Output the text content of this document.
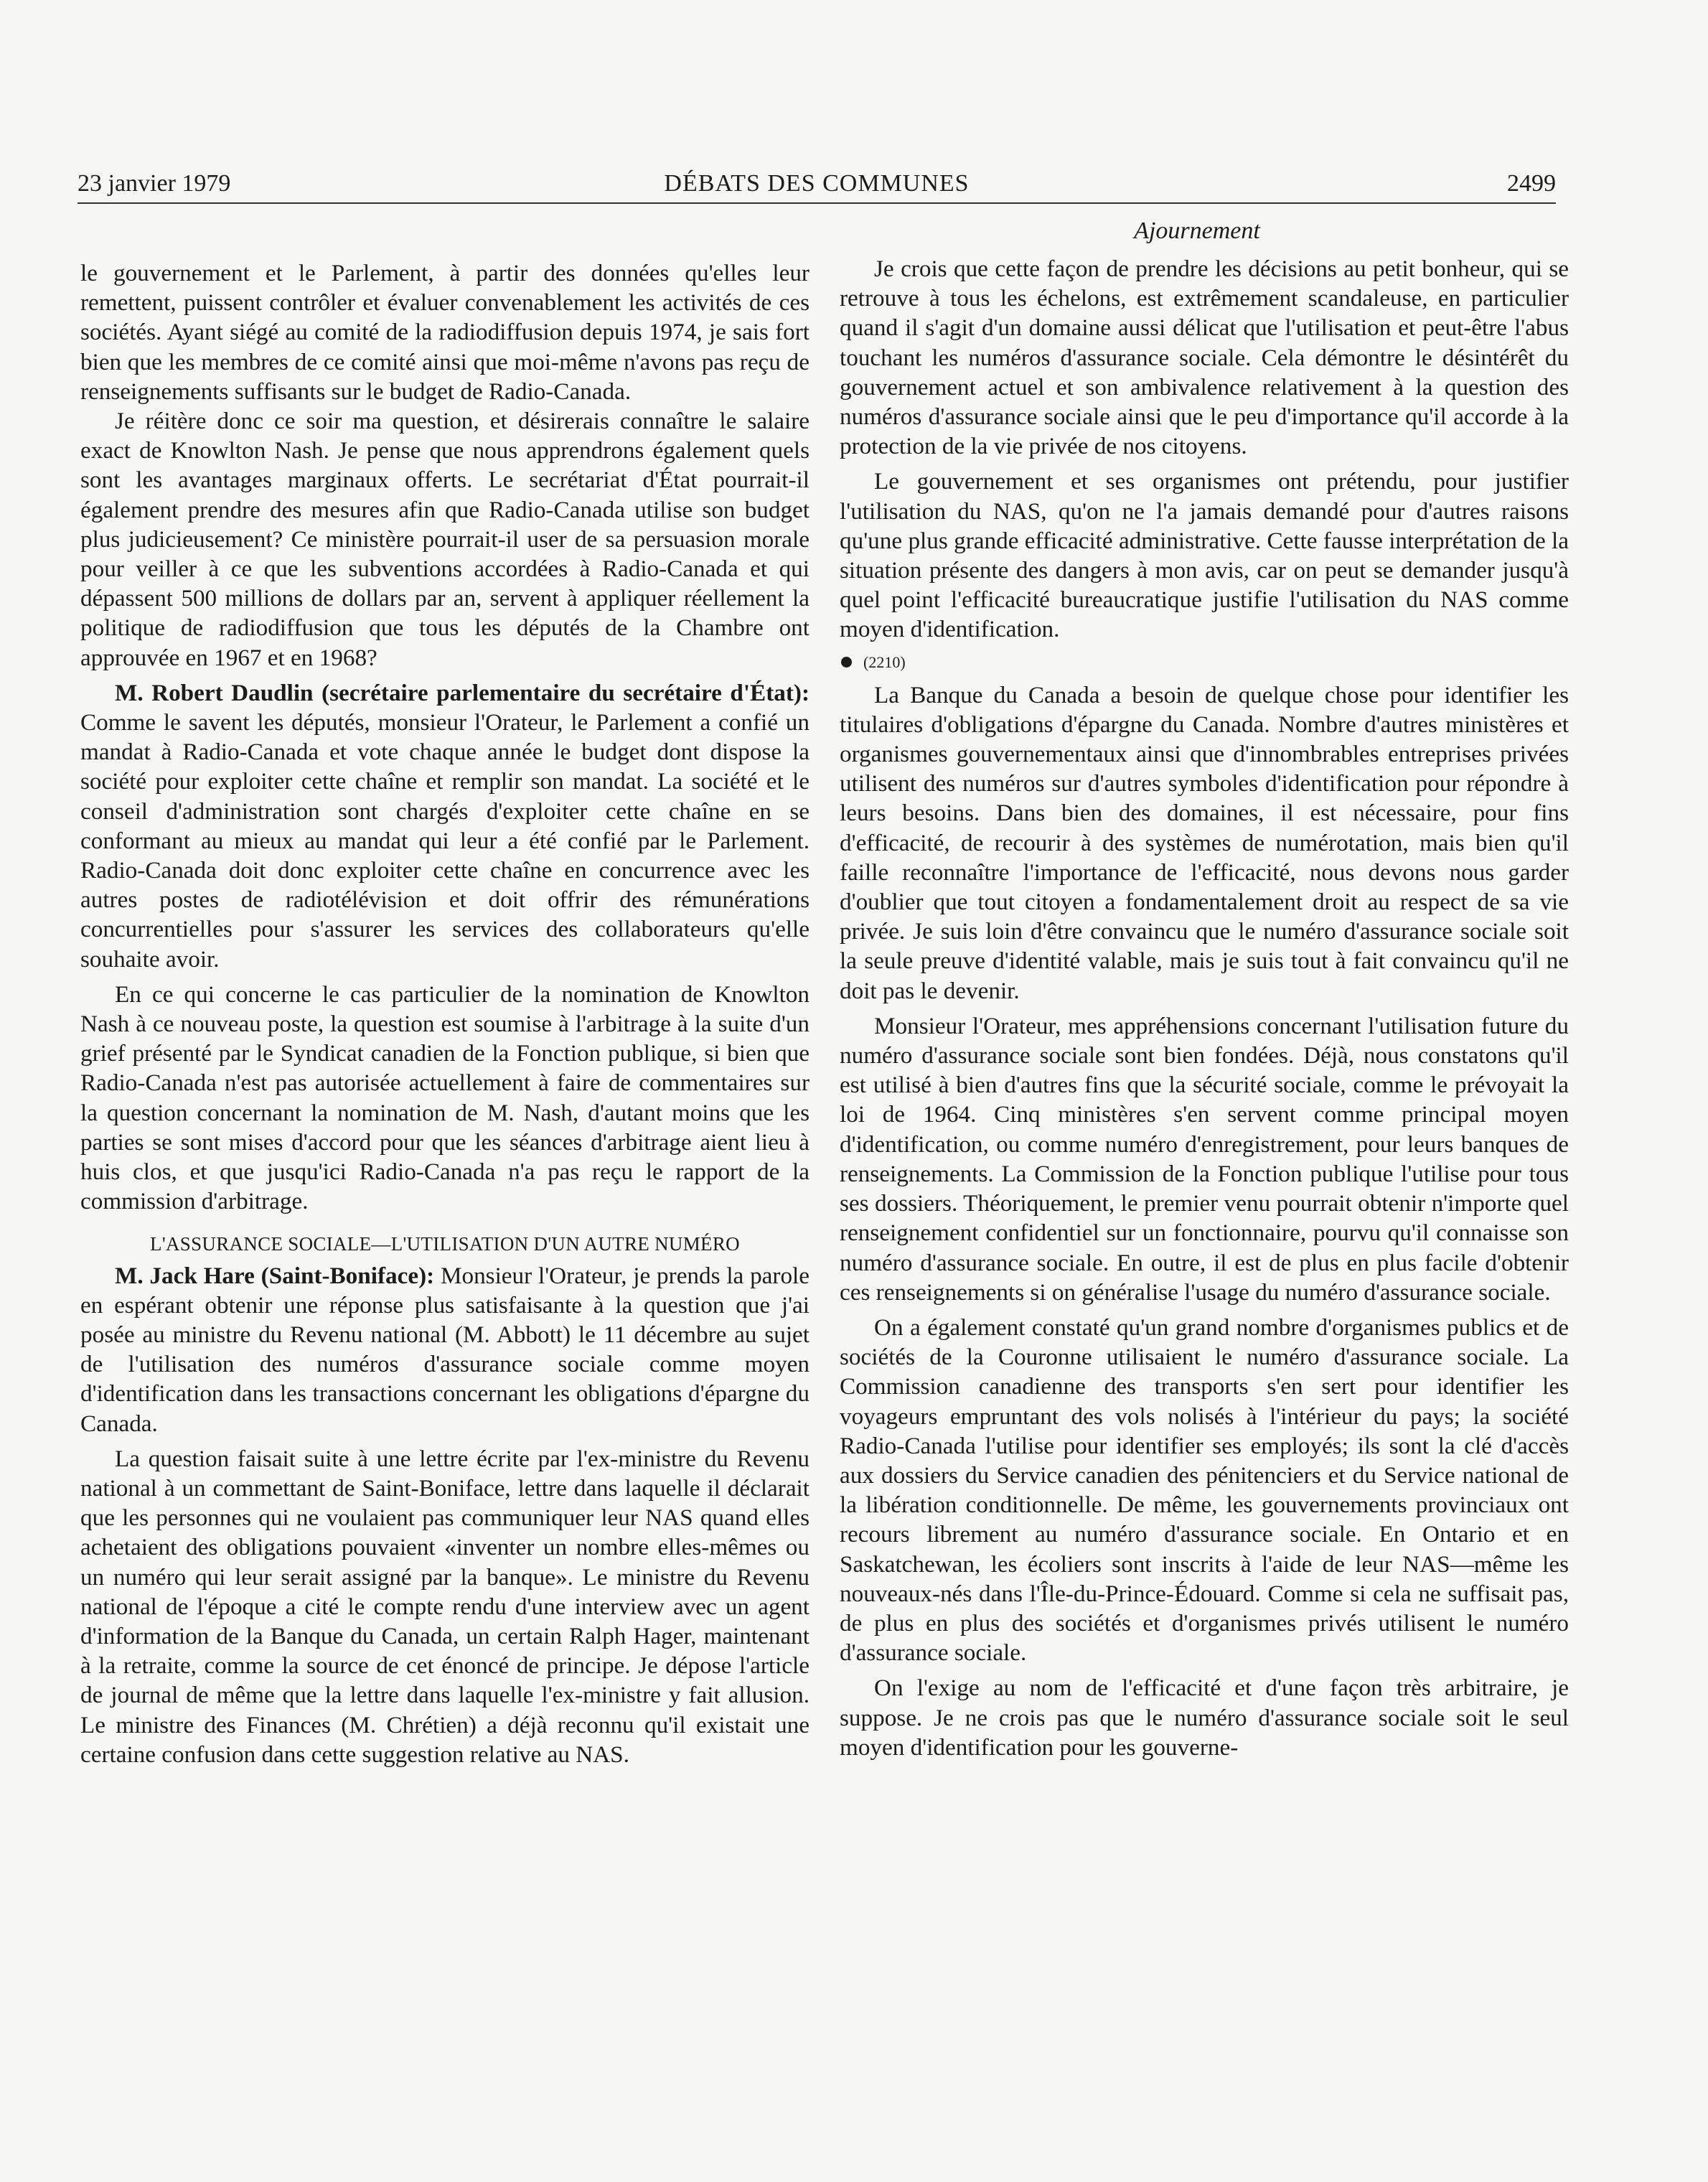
23 janvier 1979	DÉBATS DES COMMUNES	2499
Ajournement

le gouvernement et le Parlement, à partir des données qu'elles leur remettent, puissent contrôler et évaluer convenablement les activités de ces sociétés. Ayant siégé au comité de la radiodiffusion depuis 1974, je sais fort bien que les membres de ce comité ainsi que moi-même n'avons pas reçu de renseignements suffisants sur le budget de Radio-Canada.

Je réitère donc ce soir ma question, et désirerais connaître le salaire exact de Knowlton Nash. Je pense que nous apprendrons également quels sont les avantages marginaux offerts. Le secrétariat d'État pourrait-il également prendre des mesures afin que Radio-Canada utilise son budget plus judicieusement? Ce ministère pourrait-il user de sa persuasion morale pour veiller à ce que les subventions accordées à Radio-Canada et qui dépassent 500 millions de dollars par an, servent à appliquer réellement la politique de radiodiffusion que tous les députés de la Chambre ont approuvée en 1967 et en 1968?

M. Robert Daudlin (secrétaire parlementaire du secrétaire d'État): Comme le savent les députés, monsieur l'Orateur, le Parlement a confié un mandat à Radio-Canada et vote chaque année le budget dont dispose la société pour exploiter cette chaîne et remplir son mandat. La société et le conseil d'administration sont chargés d'exploiter cette chaîne en se conformant au mieux au mandat qui leur a été confié par le Parlement. Radio-Canada doit donc exploiter cette chaîne en concurrence avec les autres postes de radiotélévision et doit offrir des rémunérations concurrentielles pour s'assurer les services des collaborateurs qu'elle souhaite avoir.

En ce qui concerne le cas particulier de la nomination de Knowlton Nash à ce nouveau poste, la question est soumise à l'arbitrage à la suite d'un grief présenté par le Syndicat canadien de la Fonction publique, si bien que Radio-Canada n'est pas autorisée actuellement à faire de commentaires sur la question concernant la nomination de M. Nash, d'autant moins que les parties se sont mises d'accord pour que les séances d'arbitrage aient lieu à huis clos, et que jusqu'ici Radio-Canada n'a pas reçu le rapport de la commission d'arbitrage.

L'ASSURANCE SOCIALE—L'UTILISATION D'UN AUTRE NUMÉRO

M. Jack Hare (Saint-Boniface): Monsieur l'Orateur, je prends la parole en espérant obtenir une réponse plus satisfaisante à la question que j'ai posée au ministre du Revenu national (M. Abbott) le 11 décembre au sujet de l'utilisation des numéros d'assurance sociale comme moyen d'identification dans les transactions concernant les obligations d'épargne du Canada.

La question faisait suite à une lettre écrite par l'ex-ministre du Revenu national à un commettant de Saint-Boniface, lettre dans laquelle il déclarait que les personnes qui ne voulaient pas communiquer leur NAS quand elles achetaient des obligations pouvaient «inventer un nombre elles-mêmes ou un numéro qui leur serait assigné par la banque». Le ministre du Revenu national de l'époque a cité le compte rendu d'une interview avec un agent d'information de la Banque du Canada, un certain Ralph Hager, maintenant à la retraite, comme la source de cet énoncé de principe. Je dépose l'article de journal de même que la lettre dans laquelle l'ex-ministre y fait allusion. Le ministre des Finances (M. Chrétien) a déjà reconnu qu'il existait une certaine confusion dans cette suggestion relative au NAS.

Je crois que cette façon de prendre les décisions au petit bonheur, qui se retrouve à tous les échelons, est extrêmement scandaleuse, en particulier quand il s'agit d'un domaine aussi délicat que l'utilisation et peut-être l'abus touchant les numéros d'assurance sociale. Cela démontre le désintérêt du gouvernement actuel et son ambivalence relativement à la question des numéros d'assurance sociale ainsi que le peu d'importance qu'il accorde à la protection de la vie privée de nos citoyens.

Le gouvernement et ses organismes ont prétendu, pour justifier l'utilisation du NAS, qu'on ne l'a jamais demandé pour d'autres raisons qu'une plus grande efficacité administrative. Cette fausse interprétation de la situation présente des dangers à mon avis, car on peut se demander jusqu'à quel point l'efficacité bureaucratique justifie l'utilisation du NAS comme moyen d'identification.

(2210)

La Banque du Canada a besoin de quelque chose pour identifier les titulaires d'obligations d'épargne du Canada. Nombre d'autres ministères et organismes gouvernementaux ainsi que d'innombrables entreprises privées utilisent des numéros sur d'autres symboles d'identification pour répondre à leurs besoins. Dans bien des domaines, il est nécessaire, pour fins d'efficacité, de recourir à des systèmes de numérotation, mais bien qu'il faille reconnaître l'importance de l'efficacité, nous devons nous garder d'oublier que tout citoyen a fondamentalement droit au respect de sa vie privée. Je suis loin d'être convaincu que le numéro d'assurance sociale soit la seule preuve d'identité valable, mais je suis tout à fait convaincu qu'il ne doit pas le devenir.

Monsieur l'Orateur, mes appréhensions concernant l'utilisation future du numéro d'assurance sociale sont bien fondées. Déjà, nous constatons qu'il est utilisé à bien d'autres fins que la sécurité sociale, comme le prévoyait la loi de 1964. Cinq ministères s'en servent comme principal moyen d'identification, ou comme numéro d'enregistrement, pour leurs banques de renseignements. La Commission de la Fonction publique l'utilise pour tous ses dossiers. Théoriquement, le premier venu pourrait obtenir n'importe quel renseignement confidentiel sur un fonctionnaire, pourvu qu'il connaisse son numéro d'assurance sociale. En outre, il est de plus en plus facile d'obtenir ces renseignements si on généralise l'usage du numéro d'assurance sociale.

On a également constaté qu'un grand nombre d'organismes publics et de sociétés de la Couronne utilisaient le numéro d'assurance sociale. La Commission canadienne des transports s'en sert pour identifier les voyageurs empruntant des vols nolisés à l'intérieur du pays; la société Radio-Canada l'utilise pour identifier ses employés; ils sont la clé d'accès aux dossiers du Service canadien des pénitenciers et du Service national de la libération conditionnelle. De même, les gouvernements provinciaux ont recours librement au numéro d'assurance sociale. En Ontario et en Saskatchewan, les écoliers sont inscrits à l'aide de leur NAS—même les nouveaux-nés dans l'Île-du-Prince-Édouard. Comme si cela ne suffisait pas, de plus en plus des sociétés et d'organismes privés utilisent le numéro d'assurance sociale.

On l'exige au nom de l'efficacité et d'une façon très arbitraire, je suppose. Je ne crois pas que le numéro d'assurance sociale soit le seul moyen d'identification pour les gouverne-
